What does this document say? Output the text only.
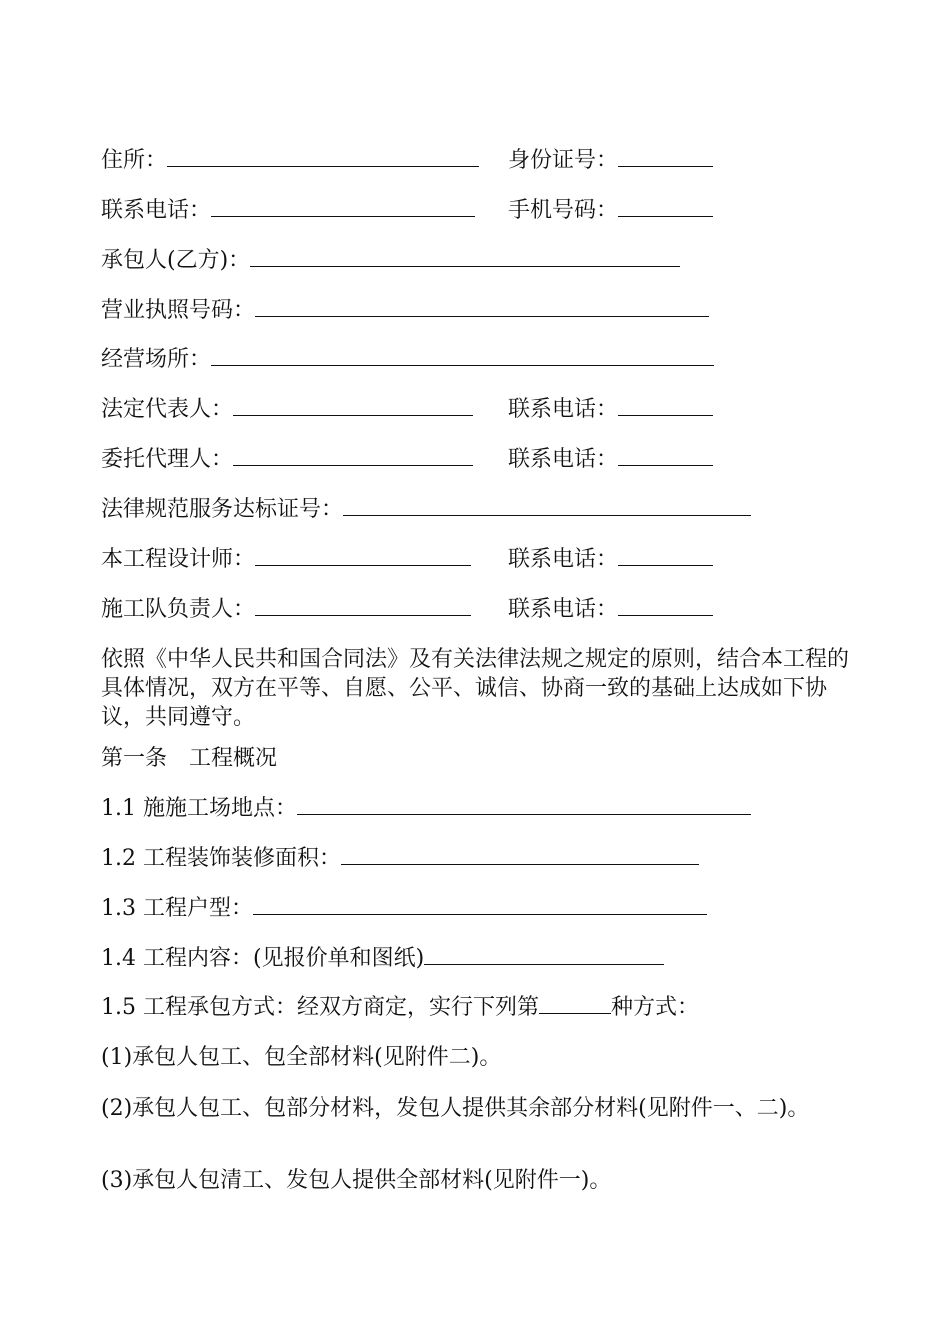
住所：	身份证号：
联系电话：	手机号码：
承包人(乙方)：
营业执照号码：
经营场所：
法定代表人：	联系电话：
委托代理人：	联系电话：
法律规范服务达标证号：
本工程设计师：	联系电话：
施工队负责人：	联系电话：
依照《中华人民共和国合同法》及有关法律法规之规定的原则，结合本工程的具体情况，双方在平等、自愿、公平、诚信、协商一致的基础上达成如下协议，共同遵守。
第一条　工程概况
1.1 施施工场地点：
1.2 工程装饰装修面积：
1.3 工程户型：
1.4 工程内容：(见报价单和图纸)
1.5 工程承包方式：经双方商定，实行下列第	种方式：
(1)承包人包工、包全部材料(见附件二)。
(2)承包人包工、包部分材料，发包人提供其余部分材料(见附件一、二)。
(3)承包人包清工、发包人提供全部材料(见附件一)。
